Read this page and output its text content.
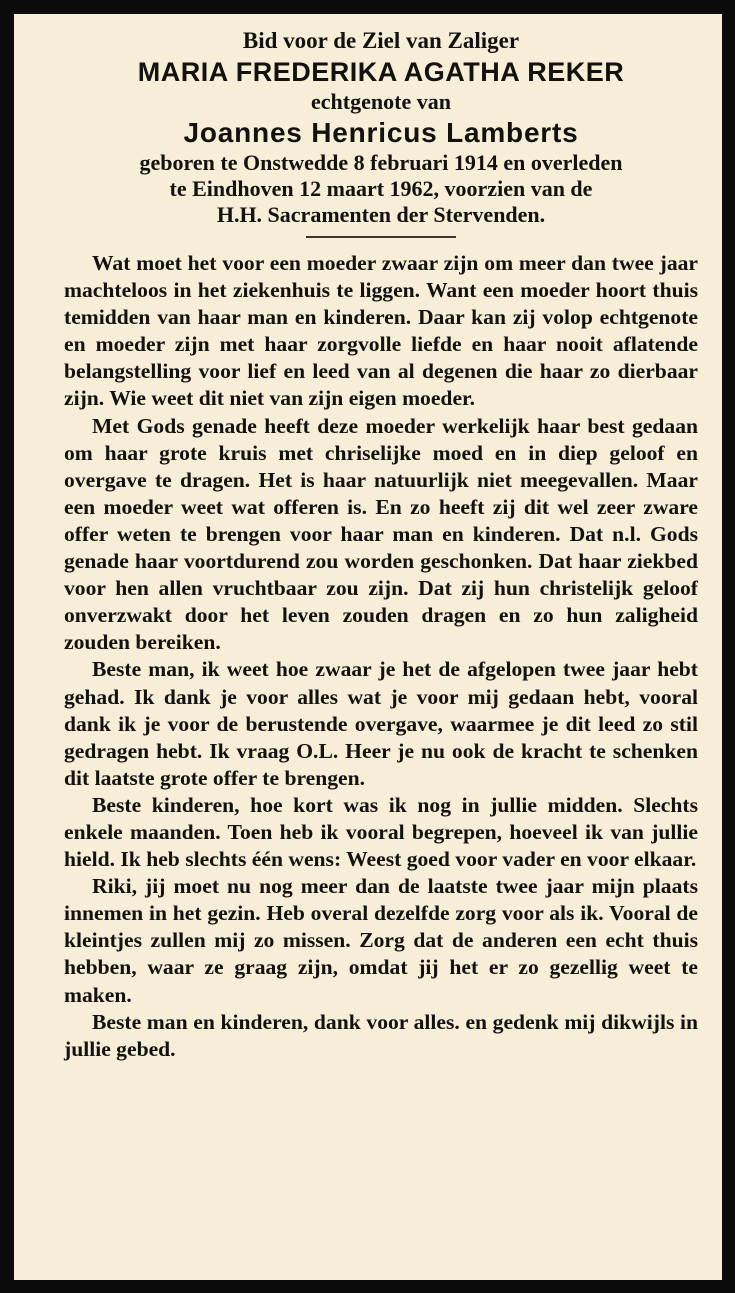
Bid voor de Ziel van Zaliger
MARIA FREDERIKA AGATHA REKER
echtgenote van
Joannes Henricus Lamberts
geboren te Onstwedde 8 februari 1914 en overleden
te Eindhoven 12 maart 1962, voorzien van de
H.H. Sacramenten der Stervenden.

Wat moet het voor een moeder zwaar zijn om meer dan twee jaar machteloos in het ziekenhuis te liggen. Want een moeder hoort thuis temidden van haar man en kinderen. Daar kan zij volop echtgenote en moeder zijn met haar zorgvolle liefde en haar nooit aflatende belangstelling voor lief en leed van al degenen die haar zo dierbaar zijn. Wie weet dit niet van zijn eigen moeder.

Met Gods genade heeft deze moeder werkelijk haar best gedaan om haar grote kruis met chriselijke moed en in diep geloof en overgave te dragen. Het is haar natuurlijk niet meegevallen. Maar een moeder weet wat offeren is. En zo heeft zij dit wel zeer zware offer weten te brengen voor haar man en kinderen. Dat n.l. Gods genade haar voortdurend zou worden geschonken. Dat haar ziekbed voor hen allen vruchtbaar zou zijn. Dat zij hun christelijk geloof onverzwakt door het leven zouden dragen en zo hun zaligheid zouden bereiken.

Beste man, ik weet hoe zwaar je het de afgelopen twee jaar hebt gehad. Ik dank je voor alles wat je voor mij gedaan hebt, vooral dank ik je voor de berustende overgave, waarmee je dit leed zo stil gedragen hebt. Ik vraag O.L. Heer je nu ook de kracht te schenken dit laatste grote offer te brengen.

Beste kinderen, hoe kort was ik nog in jullie midden. Slechts enkele maanden. Toen heb ik vooral begrepen, hoeveel ik van jullie hield. Ik heb slechts één wens: Weest goed voor vader en voor elkaar.

Riki, jij moet nu nog meer dan de laatste twee jaar mijn plaats innemen in het gezin. Heb overal dezelfde zorg voor als ik. Vooral de kleintjes zullen mij zo missen. Zorg dat de anderen een echt thuis hebben, waar ze graag zijn, omdat jij het er zo gezellig weet te maken.

Beste man en kinderen, dank voor alles. en gedenk mij dikwijls in jullie gebed.
